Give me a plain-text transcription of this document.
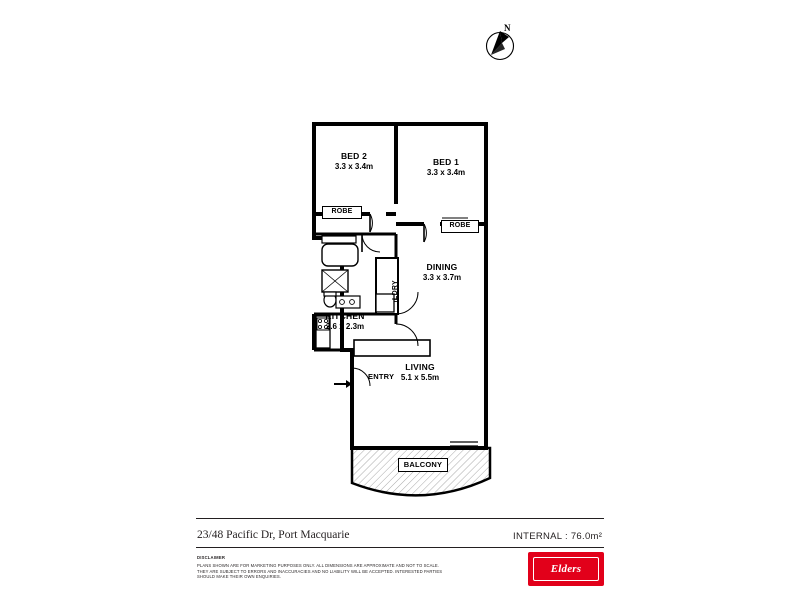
N
BED 2
3.3 x 3.4m	BED 1
3.3 x 3.4m
DINING
3.3 x 3.7m
KITCHEN
2.6 x 2.3m
LIVING
5.1 x 5.5m
ROBE
ROBE
BALCONY
LDRY
F
ENTRY
23/48 Pacific Dr, Port Macquarie	INTERNAL : 76.0m²
DISCLAIMER
PLANS SHOWN ARE FOR MARKETING PURPOSES ONLY. ALL DIMENSIONS ARE APPROXIMATE AND NOT TO SCALE. THEY ARE SUBJECT TO ERRORS AND INACCURACIES AND NO LIABILITY WILL BE ACCEPTED. INTERESTED PARTIES SHOULD MAKE THEIR OWN ENQUIRIES.
Elders
